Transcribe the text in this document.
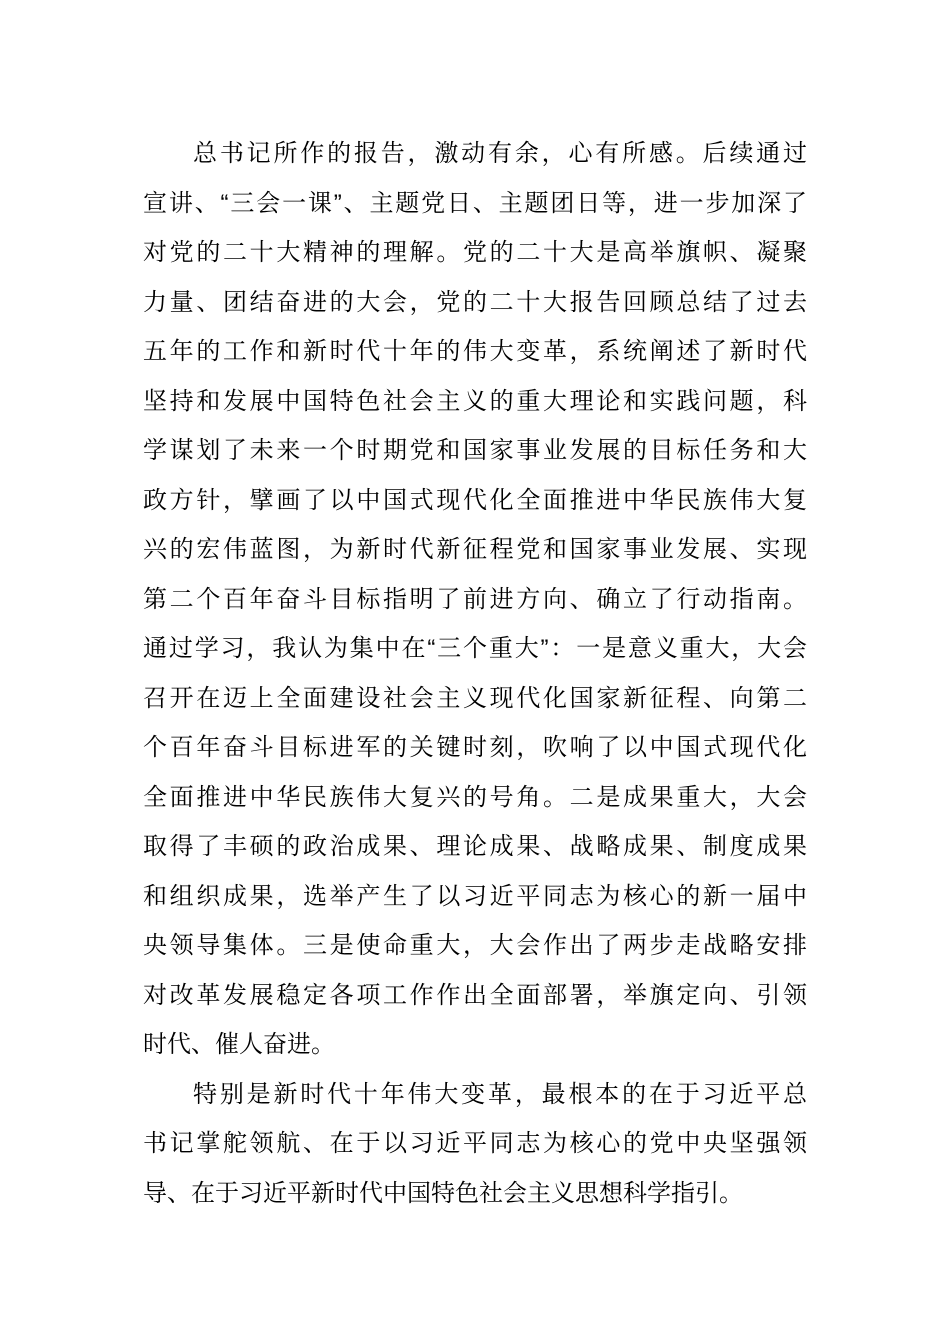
总书记所作的报告，激动有余，心有所感。后续通过
宣讲、“三会一课”、主题党日、主题团日等，进一步加深了
对党的二十大精神的理解。党的二十大是高举旗帜、凝聚
力量、团结奋进的大会，党的二十大报告回顾总结了过去
五年的工作和新时代十年的伟大变革，系统阐述了新时代
坚持和发展中国特色社会主义的重大理论和实践问题，科
学谋划了未来一个时期党和国家事业发展的目标任务和大
政方针，擘画了以中国式现代化全面推进中华民族伟大复
兴的宏伟蓝图，为新时代新征程党和国家事业发展、实现
第二个百年奋斗目标指明了前进方向、确立了行动指南。
通过学习，我认为集中在“三个重大”：一是意义重大，大会
召开在迈上全面建设社会主义现代化国家新征程、向第二
个百年奋斗目标进军的关键时刻，吹响了以中国式现代化
全面推进中华民族伟大复兴的号角。二是成果重大，大会
取得了丰硕的政治成果、理论成果、战略成果、制度成果
和组织成果，选举产生了以习近平同志为核心的新一届中
央领导集体。三是使命重大，大会作出了两步走战略安排
对改革发展稳定各项工作作出全面部署，举旗定向、引领
时代、催人奋进。
特别是新时代十年伟大变革，最根本的在于习近平总
书记掌舵领航、在于以习近平同志为核心的党中央坚强领
导、在于习近平新时代中国特色社会主义思想科学指引。
